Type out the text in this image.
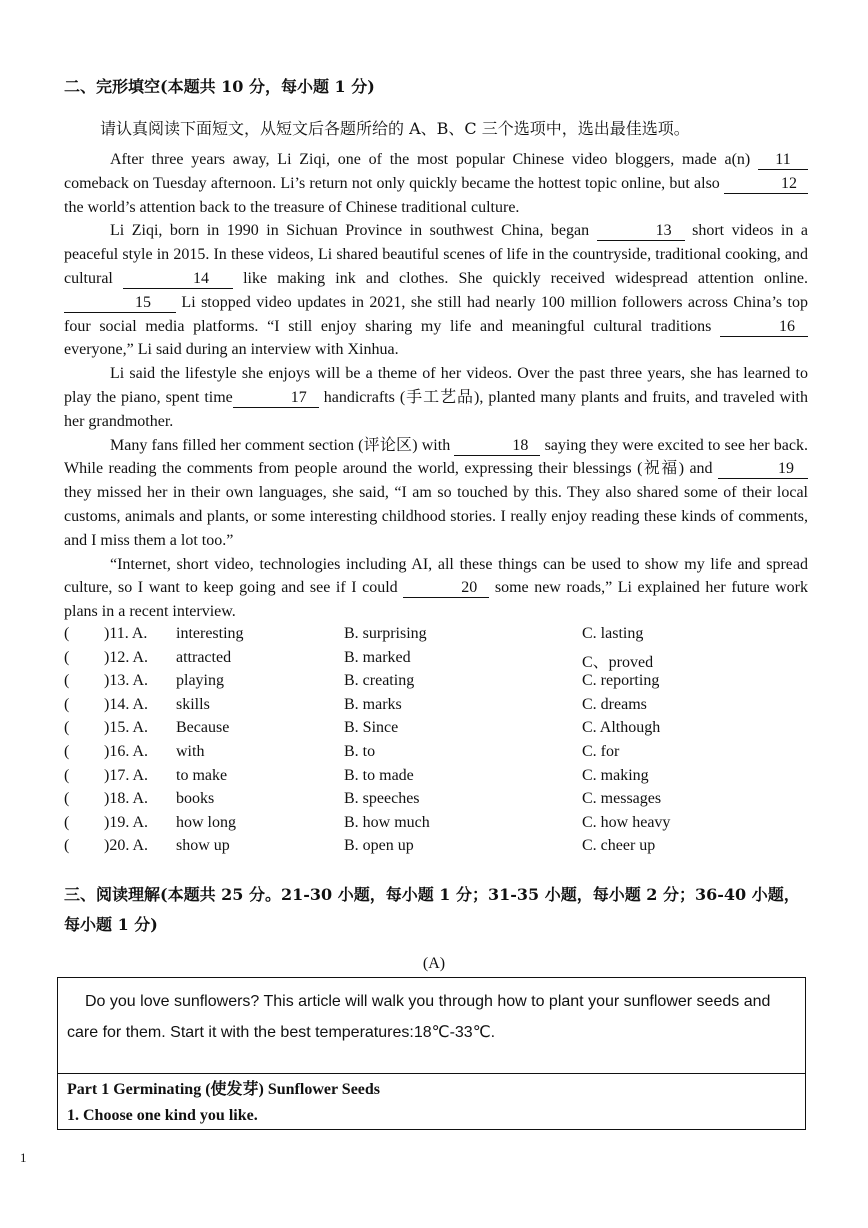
二、完形填空(本题共 10 分，每小题 1 分)
请认真阅读下面短文，从短文后各题所给的 A、B、C 三个选项中，选出最佳选项。

After three years away, Li Ziqi, one of the most popular Chinese video bloggers, made a(n) 11 comeback on Tuesday afternoon. Li’s return not only quickly became the hottest topic online, but also	12 the world’s attention back to the treasure of Chinese traditional culture.

Li Ziqi, born in 1990 in Sichuan Province in southwest China, began	13 short videos in a peaceful style in 2015. In these videos, Li shared beautiful scenes of life in the countryside, traditional cooking, and cultural	14 like making ink and clothes. She quickly received widespread attention online. 15 Li stopped video updates in 2021, she still had nearly 100 million followers across China’s top four social media platforms. “I still enjoy sharing my life and meaningful cultural traditions	16 everyone,” Li said during an interview with Xinhua.

Li said the lifestyle she enjoys will be a theme of her videos. Over the past three years, she has learned to play the piano, spent time	17 handicrafts (手工艺品), planted many plants and fruits, and traveled with her grandmother.

Many fans filled her comment section (评论区) with	18 saying they were excited to see her back. While reading the comments from people around the world, expressing their blessings (祝福) and	19 they missed her in their own languages, she said, “I am so touched by this. They also shared some of their local customs, animals and plants, or some interesting childhood stories. I really enjoy reading these kinds of comments, and I miss them a lot too.”

“Internet, short video, technologies including AI, all these things can be used to show my life and spread culture, so I want to keep going and see if I could	20 some new roads,” Li explained her future work plans in a recent interview.

( )11. A. interesting	B. surprising	C. lasting
( )12. A. attracted	B. marked	C、proved
( )13. A. playing	B. creating	C. reporting
( )14. A. skills	B. marks	C. dreams
( )15. A. Because	B. Since	C. Although
( )16. A. with	B. to	C. for
( )17. A. to make	B. to made	C. making
( )18. A. books	B. speeches	C. messages
( )19. A. how long	B. how much	C. how heavy
( )20. A. show up	B. open up	C. cheer up
三、阅读理解(本题共 25 分。21-30 小题，每小题 1 分；31-35 小题，每小题 2 分；36-40 小题，每小题 1 分)
(A)
Do you love sunflowers? This article will walk you through how to plant your sunflower seeds and care for them. Start it with the best temperatures:18℃-33℃.
Part 1 Germinating (使发芽) Sunflower Seeds
1. Choose one kind you like.
1
